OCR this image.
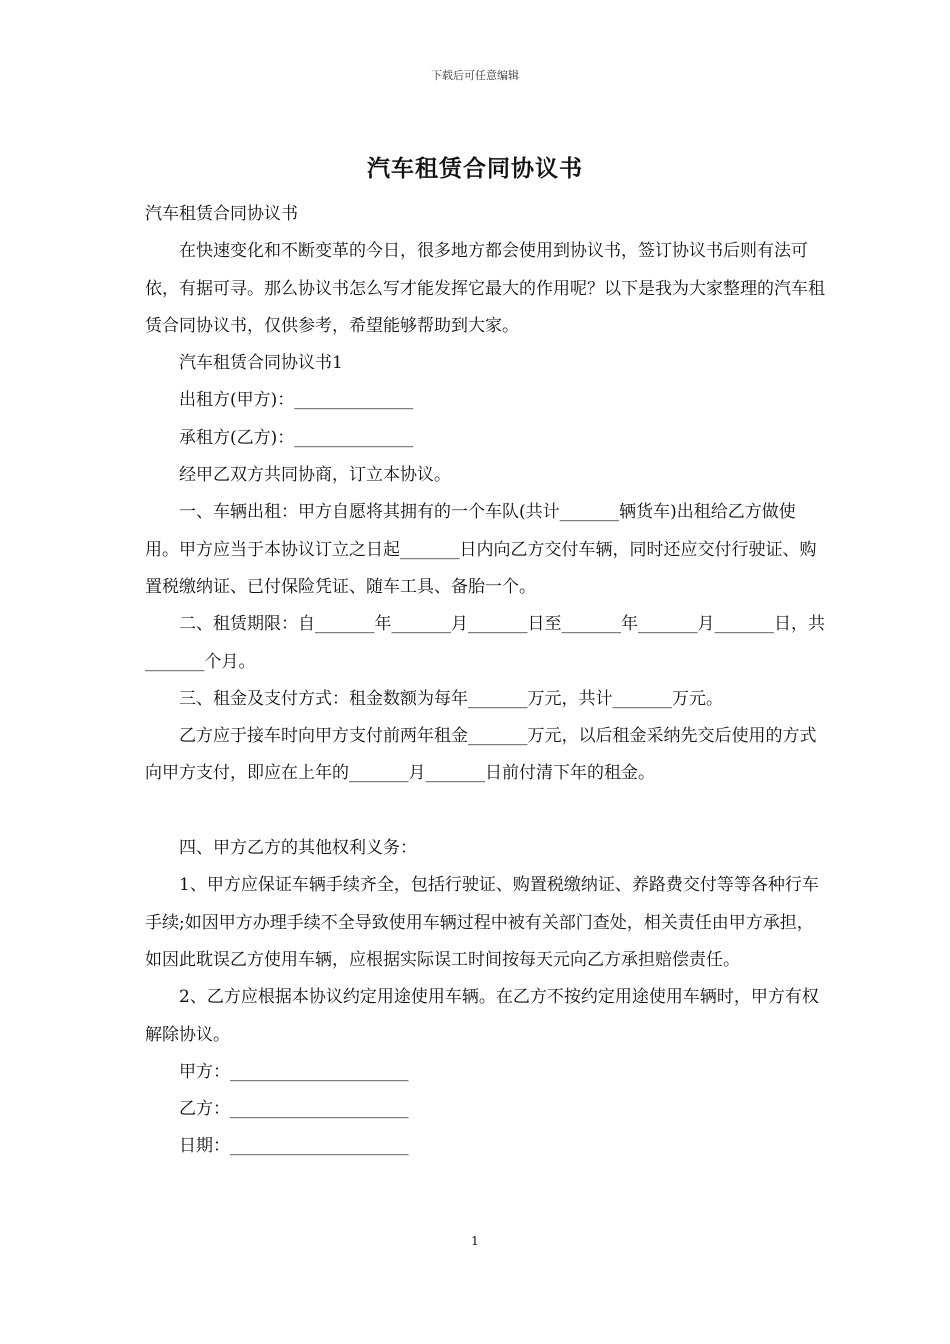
下载后可任意编辑
汽车租赁合同协议书

汽车租赁合同协议书

在快速变化和不断变革的今日，很多地方都会使用到协议书，签订协议书后则有法可依，有据可寻。那么协议书怎么写才能发挥它最大的作用呢？以下是我为大家整理的汽车租赁合同协议书，仅供参考，希望能够帮助到大家。

汽车租赁合同协议书1

出租方(甲方)：______________

承租方(乙方)：______________

经甲乙双方共同协商，订立本协议。

一、车辆出租：甲方自愿将其拥有的一个车队(共计_______辆货车)出租给乙方做使用。甲方应当于本协议订立之日起_______日内向乙方交付车辆，同时还应交付行驶证、购置税缴纳证、已付保险凭证、随车工具、备胎一个。

二、租赁期限：自_______年_______月_______日至_______年_______月_______日，共_______个月。

三、租金及支付方式：租金数额为每年_______万元，共计_______万元。

乙方应于接车时向甲方支付前两年租金_______万元，以后租金采纳先交后使用的方式向甲方支付，即应在上年的_______月_______日前付清下年的租金。

四、甲方乙方的其他权利义务：

1、甲方应保证车辆手续齐全，包括行驶证、购置税缴纳证、养路费交付等等各种行车手续;如因甲方办理手续不全导致使用车辆过程中被有关部门查处，相关责任由甲方承担，如因此耽误乙方使用车辆，应根据实际误工时间按每天元向乙方承担赔偿责任。

2、乙方应根据本协议约定用途使用车辆。在乙方不按约定用途使用车辆时，甲方有权解除协议。

甲方：_____________________

乙方：_____________________

日期：_____________________

1
